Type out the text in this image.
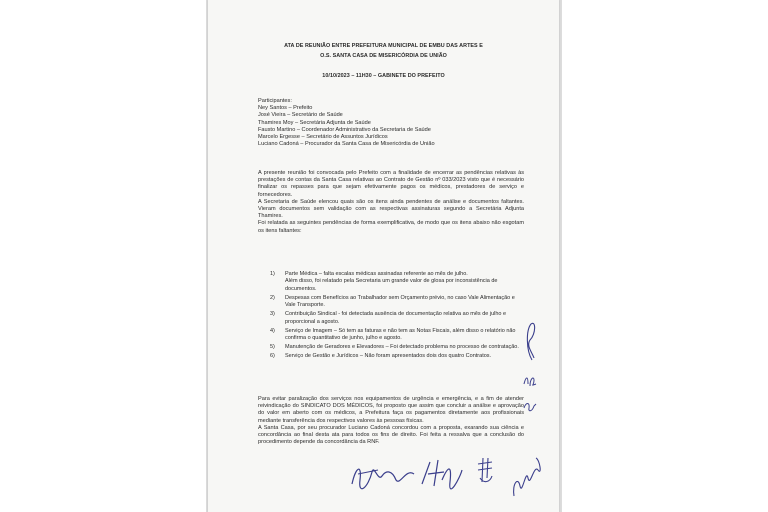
ATA DE REUNIÃO ENTRE PREFEITURA MUNICIPAL DE EMBU DAS ARTES E
O.S. SANTA CASA DE MISERICÓRDIA DE UNIÃO
10/10/2023 – 11H30 – GABINETE DO PREFEITO
Participantes:
Ney Santos – Prefeito
José Vieira – Secretário de Saúde
Thamires Moy – Secretária Adjunta de Saúde
Fausto Martino – Coordenador Administrativo da Secretaria de Saúde
Marcelo Ergesse – Secretário de Assuntos Jurídicos
Luciano Cadoná – Procurador da Santa Casa de Misericórdia de União

A presente reunião foi convocada pelo Prefeito com a finalidade de encerrar as pendências relativas às prestações de contas da Santa Casa relativas ao Contrato de Gestão nº 033/2023 visto que é necessário finalizar os repasses para que sejam efetivamente pagos os médicos, prestadores de serviço e fornecedores.

A Secretaria de Saúde elencou quais são os itens ainda pendentes de análise e documentos faltantes. Vieram documentos sem validação com as respectivas assinaturas segundo a Secretária Adjunta Thamires.

Foi relatada as seguintes pendências de forma exemplificativa, de modo que os itens abaixo não esgotam os itens faltantes:

1) Parte Médica – falta escalas médicas assinadas referente ao mês de julho.
Além disso, foi relatado pela Secretaria um grande valor de glosa por inconsistência de documentos.
2) Despesas com Benefícios ao Trabalhador sem Orçamento prévio, no caso Vale Alimentação e Vale Transporte.
3) Contribuição Sindical - foi detectada ausência de documentação relativa ao mês de julho e proporcional a agosto.
4) Serviço de Imagem – Só tem as faturas e não tem as Notas Fiscais, além disso o relatório não confirma o quantitativo de junho, julho e agosto.
5) Manutenção de Geradores e Elevadores – Foi detectado problema no processo de contratação.
6) Serviço de Gestão e Jurídicos – Não foram apresentados dois dos quatro Contratos.

Para evitar paralização dos serviços nos equipamentos de urgência e emergência, e a fim de atender reivindicação do SINDICATO DOS MÉDICOS, foi proposto que assim que concluir a análise e aprovação do valor em aberto com os médicos, a Prefeitura faça os pagamentos diretamente aos profissionais mediante transferência dos respectivos valores às pessoas físicas.

A Santa Casa, por seu procurador Luciano Cadoná concordou com a proposta, exarando sua ciência e concordância ao final desta ata para todos os fins de direito. Foi feita a ressalva que a conclusão do procedimento depende da concordância da RNF.
